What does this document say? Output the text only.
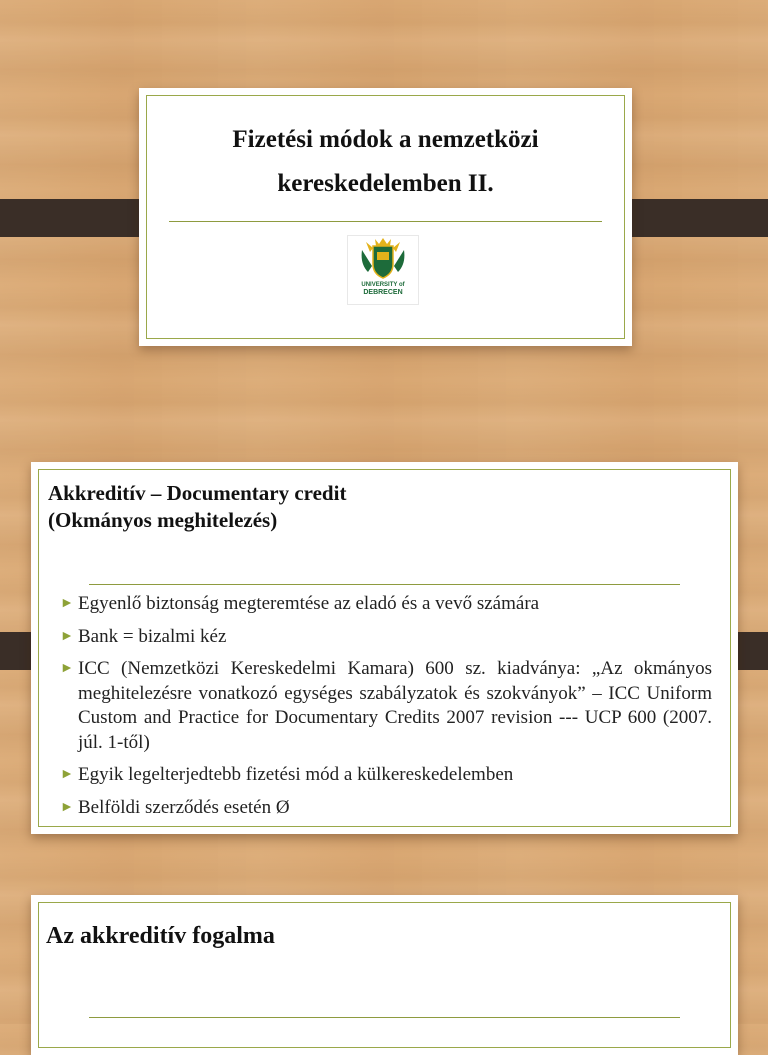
Fizetési módok a nemzetközi
kereskedelemben II.
UNIVERSITY of
DEBRECEN
Akkreditív – Documentary credit
(Okmányos meghitelezés)
► Egyenlő biztonság megteremtése az eladó és a vevő számára
► Bank = bizalmi kéz
► ICC (Nemzetközi Kereskedelmi Kamara) 600 sz. kiadványa: „Az okmányos meghitelezésre vonatkozó egységes szabályzatok és szokványok” – ICC Uniform Custom and Practice for Documentary Credits 2007 revision --- UCP 600 (2007. júl. 1-től)
► Egyik legelterjedtebb fizetési mód a külkereskedelemben
► Belföldi szerződés esetén Ø
Az akkreditív fogalma
